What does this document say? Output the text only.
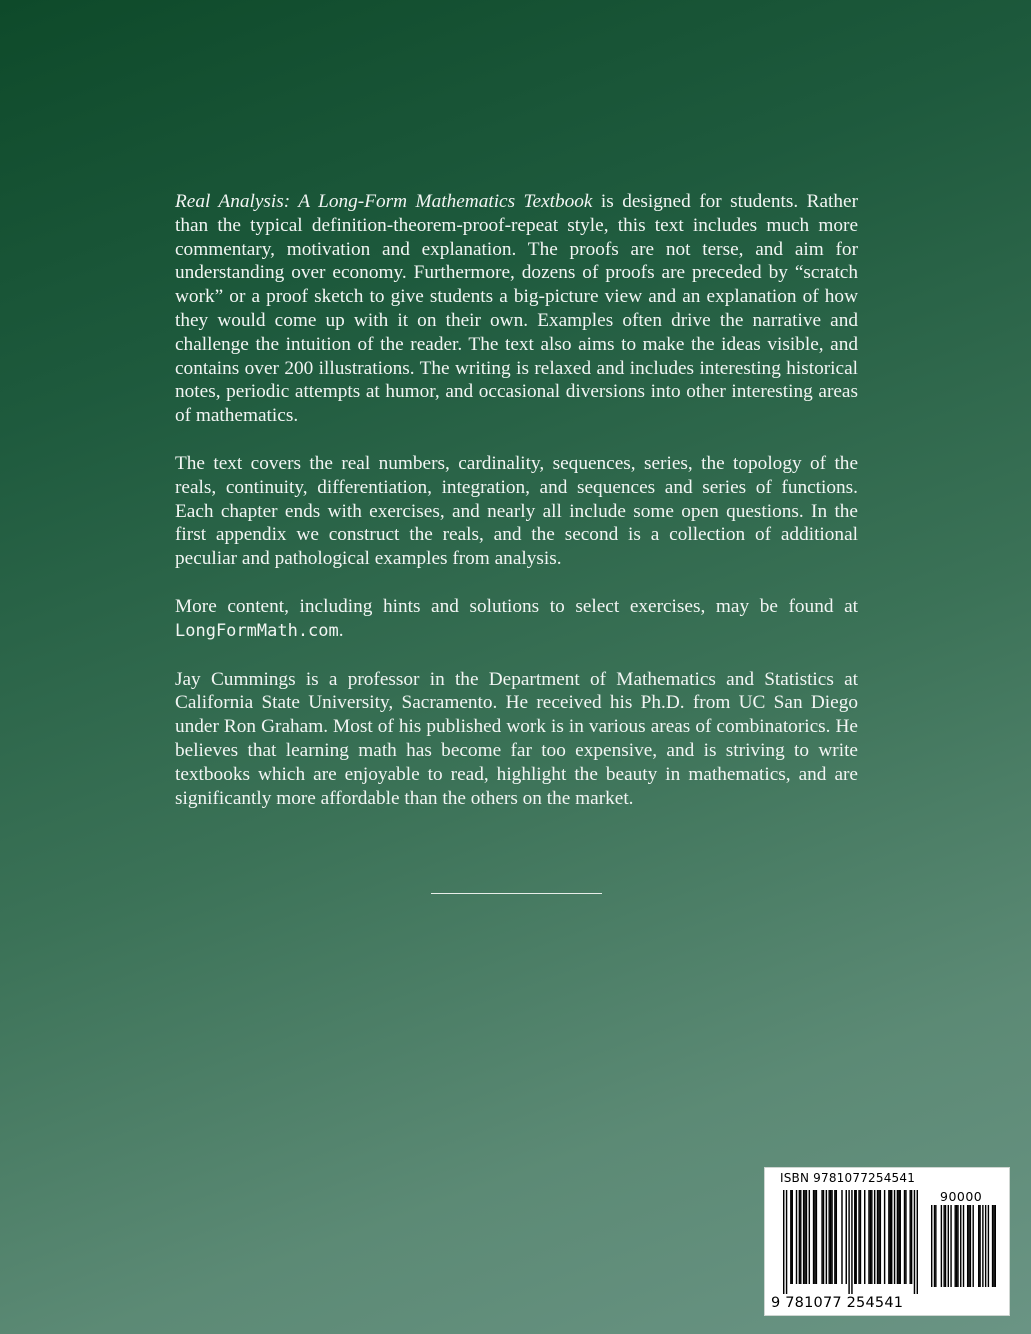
Real Analysis: A Long-Form Mathematics Textbook is designed for students. Rather than the typical definition-theorem-proof-repeat style, this text includes much more commentary, motivation and explanation. The proofs are not terse, and aim for understanding over economy. Furthermore, dozens of proofs are preceded by “scratch work” or a proof sketch to give students a big-picture view and an explanation of how they would come up with it on their own. Examples often drive the narrative and challenge the intuition of the reader. The text also aims to make the ideas visible, and contains over 200 illustrations. The writing is relaxed and includes interesting historical notes, periodic attempts at humor, and occasional diversions into other interesting areas of mathematics.

The text covers the real numbers, cardinality, sequences, series, the topology of the reals, continuity, differentiation, integration, and sequences and series of functions. Each chapter ends with exercises, and nearly all include some open questions. In the first appendix we construct the reals, and the second is a collection of additional peculiar and pathological examples from analysis.

More content, including hints and solutions to select exercises, may be found at LongFormMath.com.

Jay Cummings is a professor in the Department of Mathematics and Statistics at California State University, Sacramento. He received his Ph.D. from UC San Diego under Ron Graham. Most of his published work is in various areas of combinatorics. He believes that learning math has become far too expensive, and is striving to write textbooks which are enjoyable to read, highlight the beauty in mathematics, and are significantly more affordable than the others on the market.

ISBN 9781077254541
90000
9 781077 254541
